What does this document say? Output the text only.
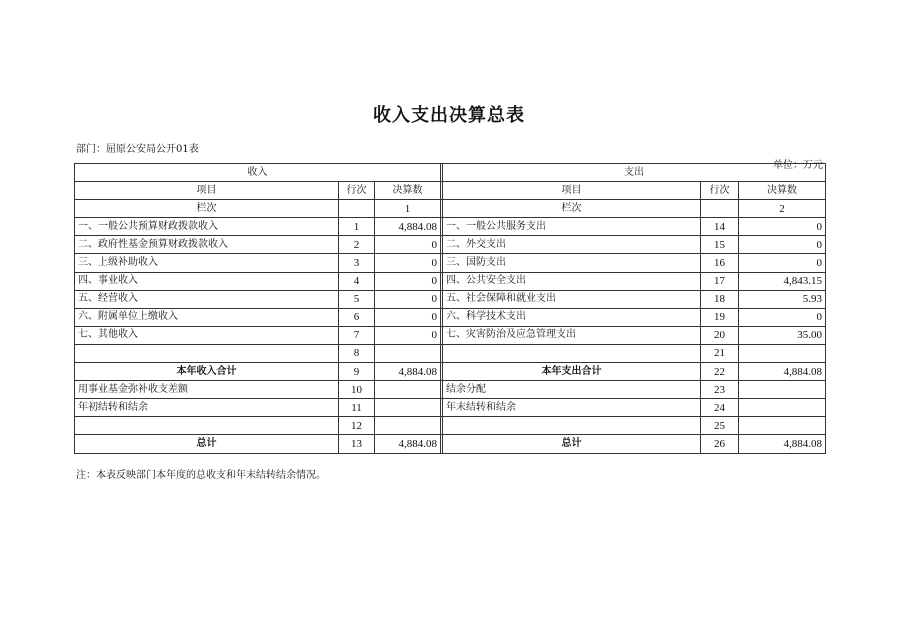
收入支出决算总表
部门：屈原公安局公开01表
单位：万元
收入				支出		
项目	行次	决算数		项目	行次	决算数
栏次		1		栏次		2
一、一般公共预算财政拨款收入	1	4,884.08		一、一般公共服务支出	14	0
二、政府性基金预算财政拨款收入	2	0		二、外交支出	15	0
三、上级补助收入	3	0		三、国防支出	16	0
四、事业收入	4	0		四、公共安全支出	17	4,843.15
五、经营收入	5	0		五、社会保障和就业支出	18	5.93
六、附属单位上缴收入	6	0		六、科学技术支出	19	0
七、其他收入	7	0		七、灾害防治及应急管理支出	20	35.00
	8				21	
本年收入合计	9	4,884.08		本年支出合计	22	4,884.08
用事业基金弥补收支差额	10			结余分配	23	
年初结转和结余	11			年末结转和结余	24	
	12				25	
总计	13	4,884.08		总计	26	4,884.08
注：本表反映部门本年度的总收支和年末结转结余情况。
